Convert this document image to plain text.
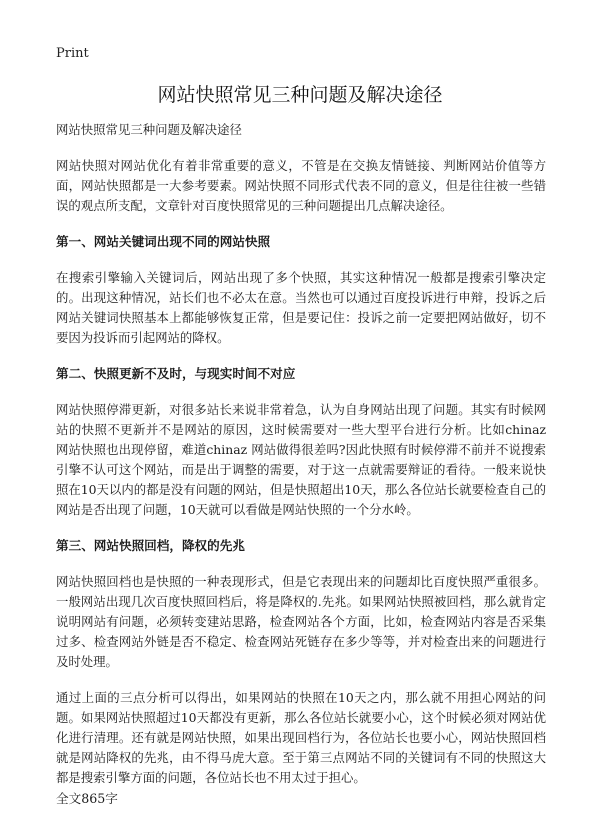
Print
网站快照常见三种问题及解决途径

网站快照常见三种问题及解决途径

网站快照对网站优化有着非常重要的意义，不管是在交换友情链接、判断网站价值等方面，网站快照都是一大参考要素。网站快照不同形式代表不同的意义，但是往往被一些错误的观点所支配，文章针对百度快照常见的三种问题提出几点解决途径。

第一、网站关键词出现不同的网站快照

在搜索引擎输入关键词后，网站出现了多个快照，其实这种情况一般都是搜索引擎决定的。出现这种情况，站长们也不必太在意。当然也可以通过百度投诉进行申辩，投诉之后网站关键词快照基本上都能够恢复正常，但是要记住：投诉之前一定要把网站做好，切不要因为投诉而引起网站的降权。

第二、快照更新不及时，与现实时间不对应

网站快照停滞更新，对很多站长来说非常着急，认为自身网站出现了问题。其实有时候网站的快照不更新并不是网站的原因，这时候需要对一些大型平台进行分析。比如chinaz 网站快照也出现停留，难道chinaz 网站做得很差吗?因此快照有时候停滞不前并不说搜索引擎不认可这个网站，而是出于调整的需要，对于这一点就需要辩证的看待。一般来说快照在10天以内的都是没有问题的网站，但是快照超出10天，那么各位站长就要检查自己的网站是否出现了问题，10天就可以看做是网站快照的一个分水岭。

第三、网站快照回档，降权的先兆

网站快照回档也是快照的一种表现形式，但是它表现出来的问题却比百度快照严重很多。一般网站出现几次百度快照回档后，将是降权的.先兆。如果网站快照被回档，那么就肯定说明网站有问题，必须转变建站思路，检查网站各个方面，比如，检查网站内容是否采集过多、检查网站外链是否不稳定、检查网站死链存在多少等等，并对检查出来的问题进行及时处理。

通过上面的三点分析可以得出，如果网站的快照在10天之内，那么就不用担心网站的问题。如果网站快照超过10天都没有更新，那么各位站长就要小心，这个时候必须对网站优化进行清理。还有就是网站快照，如果出现回档行为，各位站长也要小心，网站快照回档就是网站降权的先兆，由不得马虎大意。至于第三点网站不同的关键词有不同的快照这大都是搜索引擎方面的问题，各位站长也不用太过于担心。

全文865字
